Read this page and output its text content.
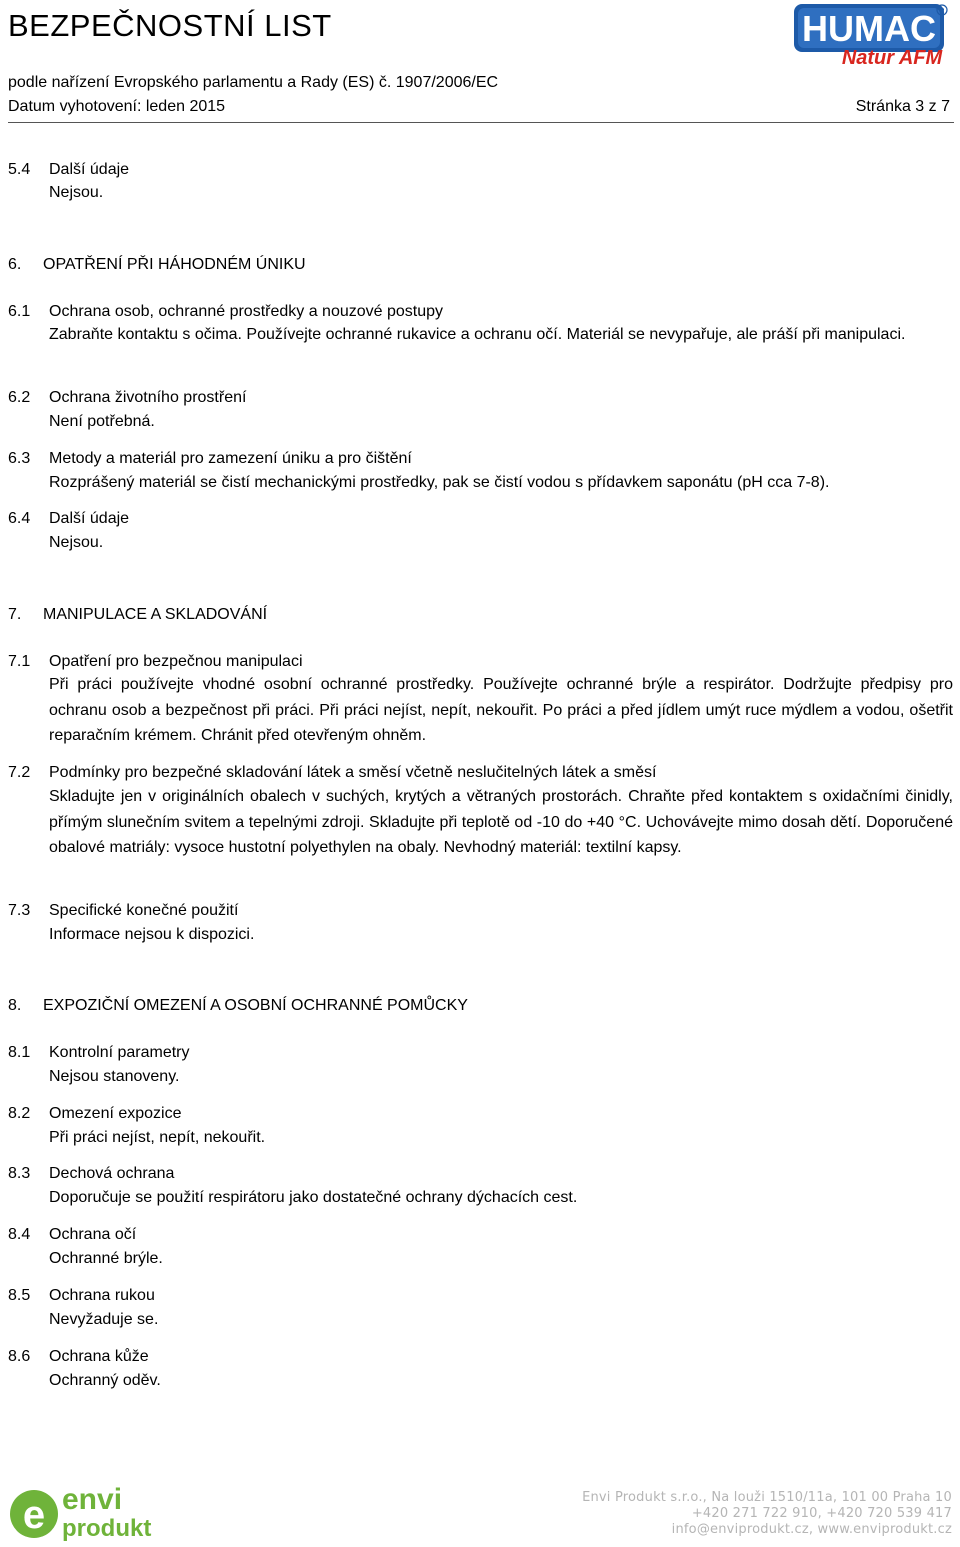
BEZPEČNOSTNÍ LIST
podle nařízení Evropského parlamentu a Rady (ES) č. 1907/2006/EC
Datum vyhotovení: leden 2015	Stránka 3 z 7
HUMAC R
Natur AFM
5.4 Další údaje
Nejsou.
6. OPATŘENÍ PŘI HÁHODNÉM ÚNIKU
6.1 Ochrana osob, ochranné prostředky a nouzové postupy
Zabraňte kontaktu s očima. Používejte ochranné rukavice a ochranu očí. Materiál se nevypařuje, ale práší při manipulaci.
6.2 Ochrana životního prostření
Není potřebná.
6.3 Metody a materiál pro zamezení úniku a pro čištění
Rozprášený materiál se čistí mechanickými prostředky, pak se čistí vodou s přídavkem saponátu (pH cca 7-8).
6.4 Další údaje
Nejsou.
7. MANIPULACE A SKLADOVÁNÍ
7.1 Opatření pro bezpečnou manipulaci
Při práci používejte vhodné osobní ochranné prostředky. Používejte ochranné brýle a respirátor. Dodržujte předpisy pro ochranu osob a bezpečnost při práci. Při práci nejíst, nepít, nekouřit. Po práci a před jídlem umýt ruce mýdlem a vodou, ošetřit reparačním krémem. Chránit před otevřeným ohněm.
7.2 Podmínky pro bezpečné skladování látek a směsí včetně neslučitelných látek a směsí
Skladujte jen v originálních obalech v suchých, krytých a větraných prostorách. Chraňte před kontaktem s oxidačními činidly, přímým slunečním svitem a tepelnými zdroji. Skladujte při teplotě od -10 do +40 °C. Uchovávejte mimo dosah dětí. Doporučené obalové matriály: vysoce hustotní polyethylen na obaly. Nevhodný materiál: textilní kapsy.
7.3 Specifické konečné použití
Informace nejsou k dispozici.
8. EXPOZIČNÍ OMEZENÍ A OSOBNÍ OCHRANNÉ POMŮCKY
8.1 Kontrolní parametry
Nejsou stanoveny.
8.2 Omezení expozice
Při práci nejíst, nepít, nekouřit.
8.3 Dechová ochrana
Doporučuje se použití respirátoru jako dostatečné ochrany dýchacích cest.
8.4 Ochrana očí
Ochranné brýle.
8.5 Ochrana rukou
Nevyžaduje se.
8.6 Ochrana kůže
Ochranný oděv.
e envi
produkt
Envi Produkt s.r.o., Na louži 1510/11a, 101 00 Praha 10
+420 271 722 910, +420 720 539 417
info@enviprodukt.cz, www.enviprodukt.cz
